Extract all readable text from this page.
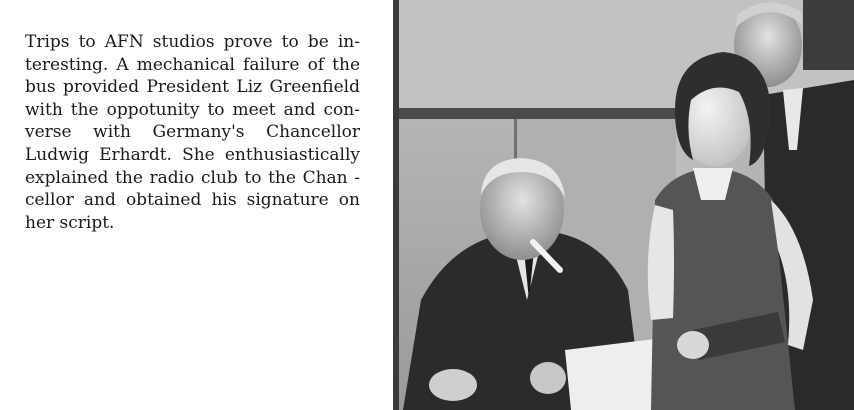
Trips to AFN studios prove to be in-
teresting. A mechanical failure of the
bus provided President Liz Greenfield
with the oppotunity to meet and con-
verse with Germany's Chancellor
Ludwig Erhardt. She enthusiastically
explained the radio club to the Chan -
cellor and obtained his signature on
her script.
